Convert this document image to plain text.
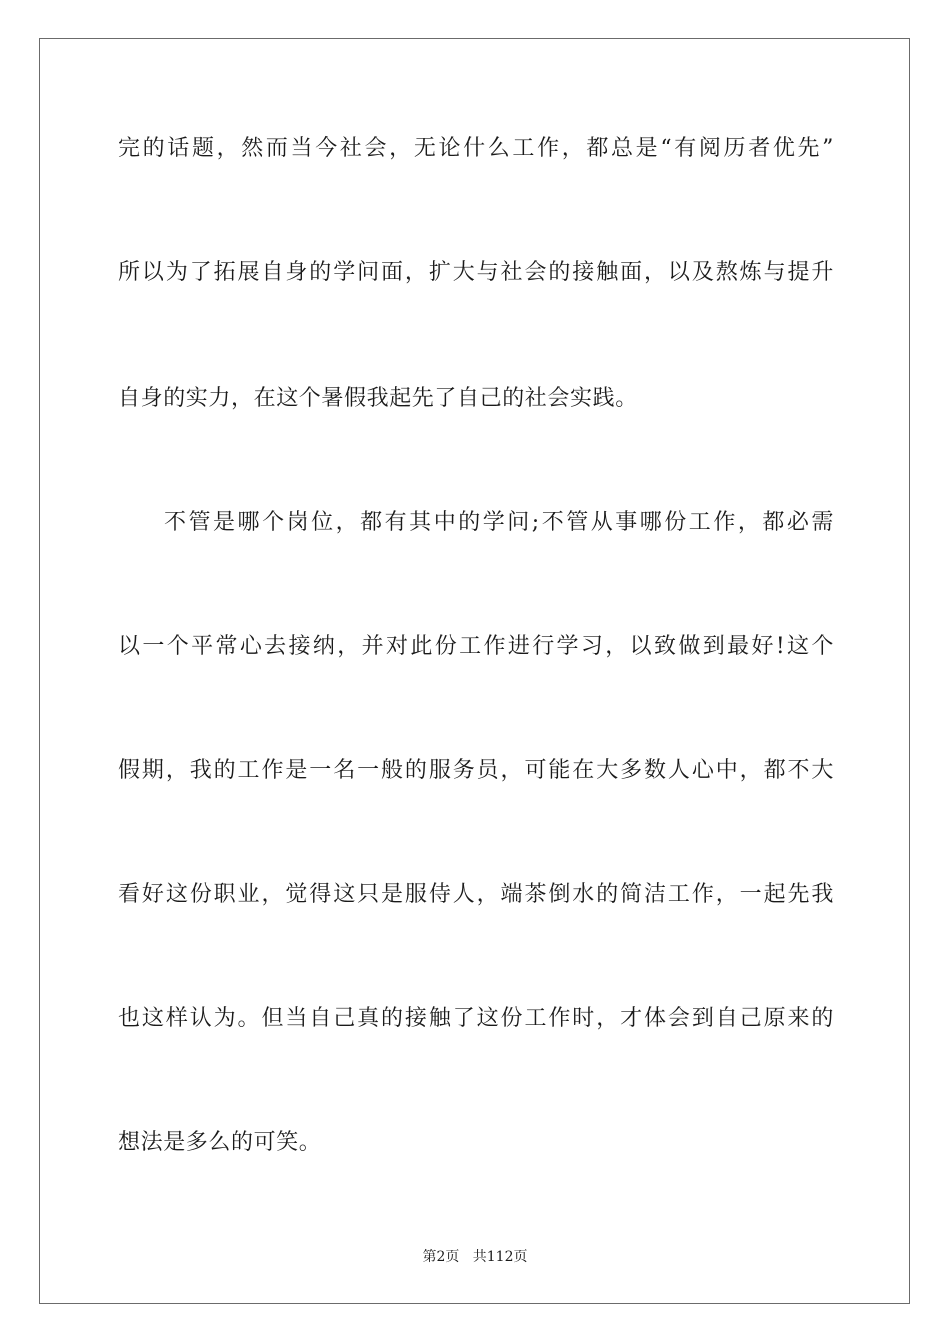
完的话题，然而当今社会，无论什么工作，都总是“有阅历者优先”
所以为了拓展自身的学问面，扩大与社会的接触面，以及熬炼与提升
自身的实力，在这个暑假我起先了自己的社会实践。
不管是哪个岗位，都有其中的学问;不管从事哪份工作，都必需
以一个平常心去接纳，并对此份工作进行学习，以致做到最好!这个
假期，我的工作是一名一般的服务员，可能在大多数人心中，都不大
看好这份职业，觉得这只是服侍人，端茶倒水的简洁工作，一起先我
也这样认为。但当自己真的接触了这份工作时，才体会到自己原来的
想法是多么的可笑。
第2页   共112页
